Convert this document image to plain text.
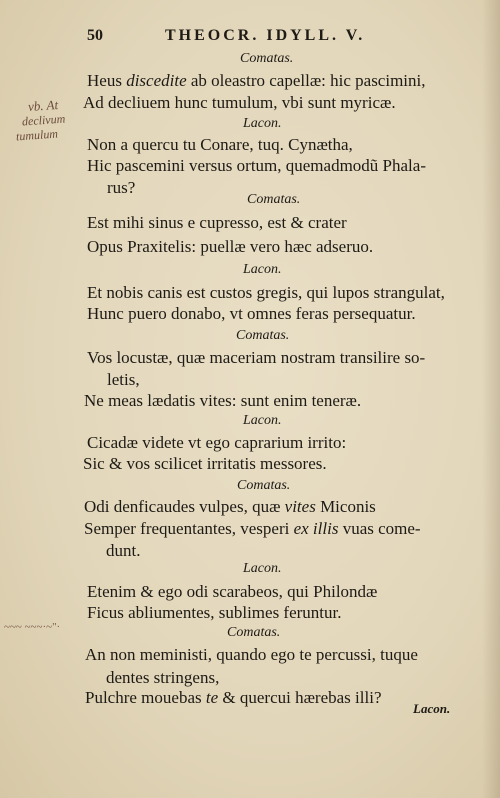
50	THEOCR. IDYLL. V.
vb. At
declivum
tumulum
~~~ ~~~·~"·
Comatas.
Heus discedite ab oleastro capellæ: hic pascimini,
Ad decliuem hunc tumulum, vbi sunt myricæ.
Lacon.
Non a quercu tu Conare, tuq. Cynætha,
Hic pascemini versus ortum, quemadmodũ Phala-
rus?
Comatas.
Est mihi sinus e cupresso, est & crater
Opus Praxitelis: puellæ vero hæc adseruo.
Lacon.
Et nobis canis est custos gregis, qui lupos strangulat,
Hunc puero donabo, vt omnes feras persequatur.
Comatas.
Vos locustæ, quæ maceriam nostram transilire so-
letis,
Ne meas lædatis vites: sunt enim teneræ.
Lacon.
Cicadæ videte vt ego caprarium irrito:
Sic & vos scilicet irritatis messores.
Comatas.
Odi denficaudes vulpes, quæ vites Miconis
Semper frequentantes, vesperi ex illis vuas come-
dunt.
Lacon.
Etenim & ego odi scarabeos, qui Philondæ
Ficus abliumentes, sublimes feruntur.
Comatas.
An non meministi, quando ego te percussi, tuque
dentes stringens,
Pulchre mouebas te & quercui hærebas illi?
Lacon.
